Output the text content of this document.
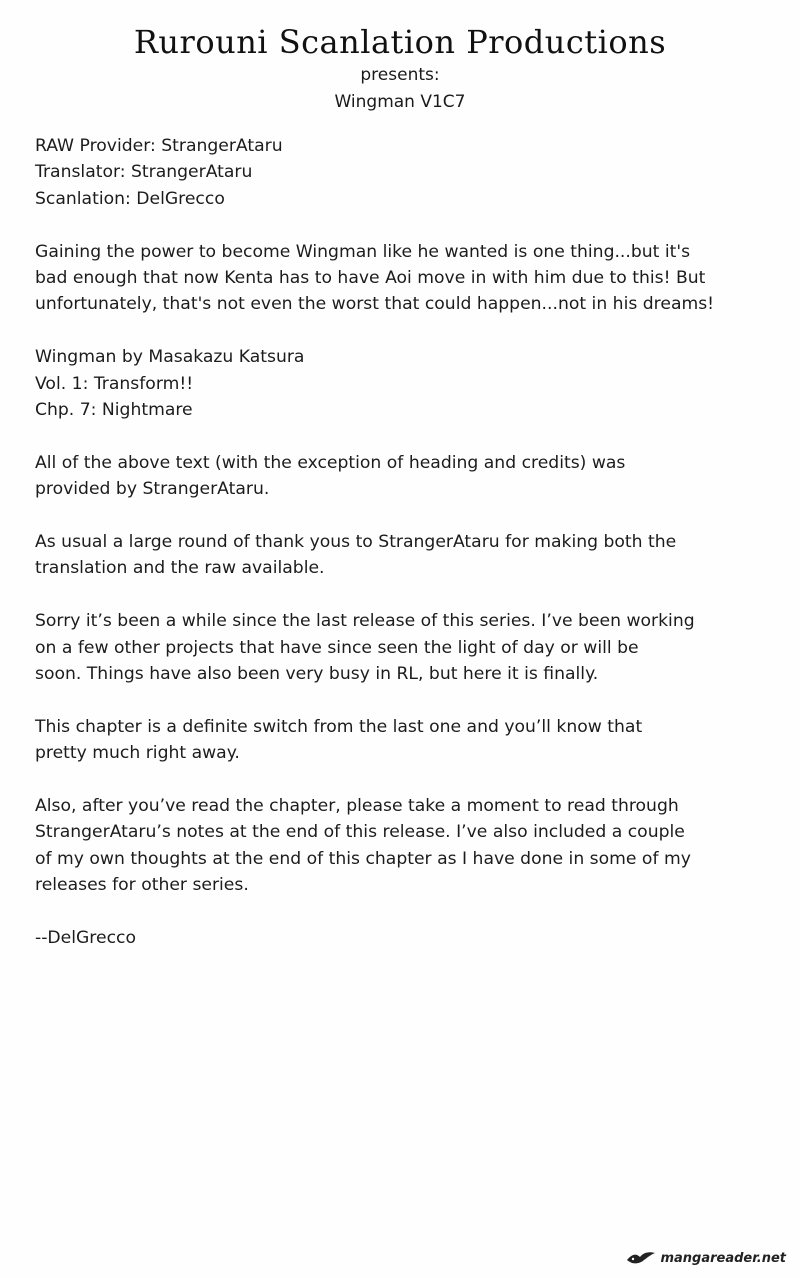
Rurouni Scanlation Productions
presents:
Wingman V1C7

RAW Provider: StrangerAtaru
Translator: StrangerAtaru
Scanlation: DelGrecco

Gaining the power to become Wingman like he wanted is one thing...but it's
bad enough that now Kenta has to have Aoi move in with him due to this! But
unfortunately, that's not even the worst that could happen...not in his dreams!

Wingman by Masakazu Katsura
Vol. 1: Transform!!
Chp. 7: Nightmare

All of the above text (with the exception of heading and credits) was
provided by StrangerAtaru.

As usual a large round of thank yous to StrangerAtaru for making both the
translation and the raw available.

Sorry it’s been a while since the last release of this series. I’ve been working
on a few other projects that have since seen the light of day or will be
soon. Things have also been very busy in RL, but here it is finally.

This chapter is a definite switch from the last one and you’ll know that
pretty much right away.

Also, after you’ve read the chapter, please take a moment to read through
StrangerAtaru’s notes at the end of this release. I’ve also included a couple
of my own thoughts at the end of this chapter as I have done in some of my
releases for other series.

--DelGrecco

mangareader.net
